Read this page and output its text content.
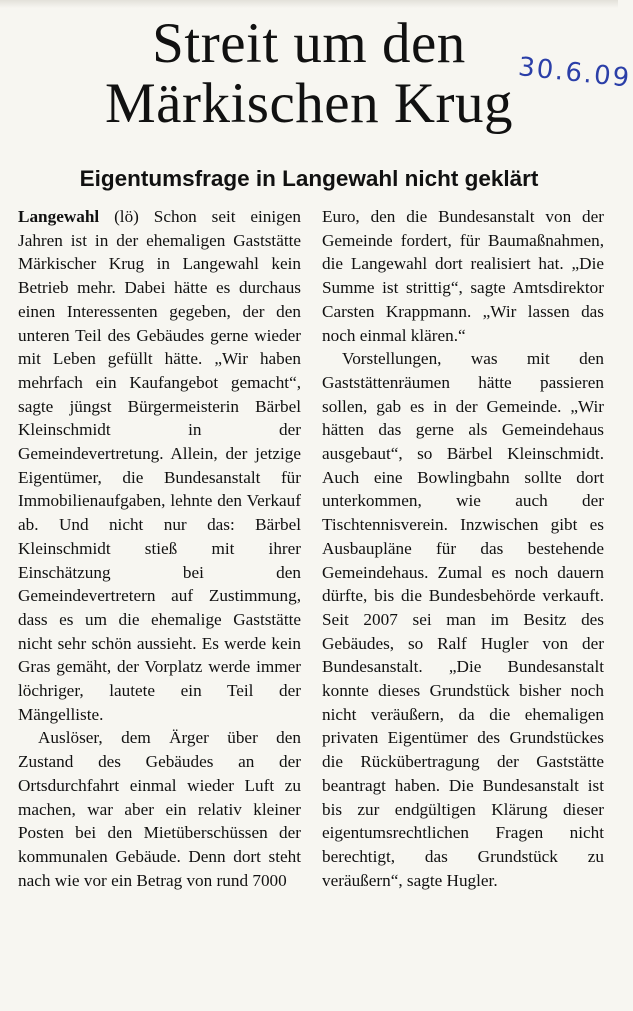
Streit um den
Märkischen Krug 30.6.09
Eigentumsfrage in Langewahl nicht geklärt

Langewahl (lö) Schon seit einigen Jahren ist in der ehemaligen Gaststätte Märkischer Krug in Langewahl kein Betrieb mehr. Dabei hätte es durchaus einen Interessenten gegeben, der den unteren Teil des Gebäudes gerne wieder mit Leben gefüllt hätte. „Wir haben mehrfach ein Kaufangebot gemacht“, sagte jüngst Bürgermeisterin Bärbel Kleinschmidt in der Gemeindevertretung. Allein, der jetzige Eigentümer, die Bundesanstalt für Immobilienaufgaben, lehnte den Verkauf ab. Und nicht nur das: Bärbel Kleinschmidt stieß mit ihrer Einschätzung bei den Gemeindevertretern auf Zustimmung, dass es um die ehemalige Gaststätte nicht sehr schön aussieht. Es werde kein Gras gemäht, der Vorplatz werde immer löchriger, lautete ein Teil der Mängelliste.

Auslöser, dem Ärger über den Zustand des Gebäudes an der Ortsdurchfahrt einmal wieder Luft zu machen, war aber ein relativ kleiner Posten bei den Mietüberschüssen der kommunalen Gebäude. Denn dort steht nach wie vor ein Betrag von rund 7000

Euro, den die Bundesanstalt von der Gemeinde fordert, für Baumaßnahmen, die Langewahl dort realisiert hat. „Die Summe ist strittig“, sagte Amtsdirektor Carsten Krappmann. „Wir lassen das noch einmal klären.“

Vorstellungen, was mit den Gaststättenräumen hätte passieren sollen, gab es in der Gemeinde. „Wir hätten das gerne als Gemeindehaus ausgebaut“, so Bärbel Kleinschmidt. Auch eine Bowlingbahn sollte dort unterkommen, wie auch der Tischtennisverein. Inzwischen gibt es Ausbaupläne für das bestehende Gemeindehaus. Zumal es noch dauern dürfte, bis die Bundesbehörde verkauft. Seit 2007 sei man im Besitz des Gebäudes, so Ralf Hugler von der Bundesanstalt. „Die Bundesanstalt konnte dieses Grundstück bisher noch nicht veräußern, da die ehemaligen privaten Eigentümer des Grundstückes die Rückübertragung der Gaststätte beantragt haben. Die Bundesanstalt ist bis zur endgültigen Klärung dieser eigentumsrechtlichen Fragen nicht berechtigt, das Grundstück zu veräußern“, sagte Hugler.
